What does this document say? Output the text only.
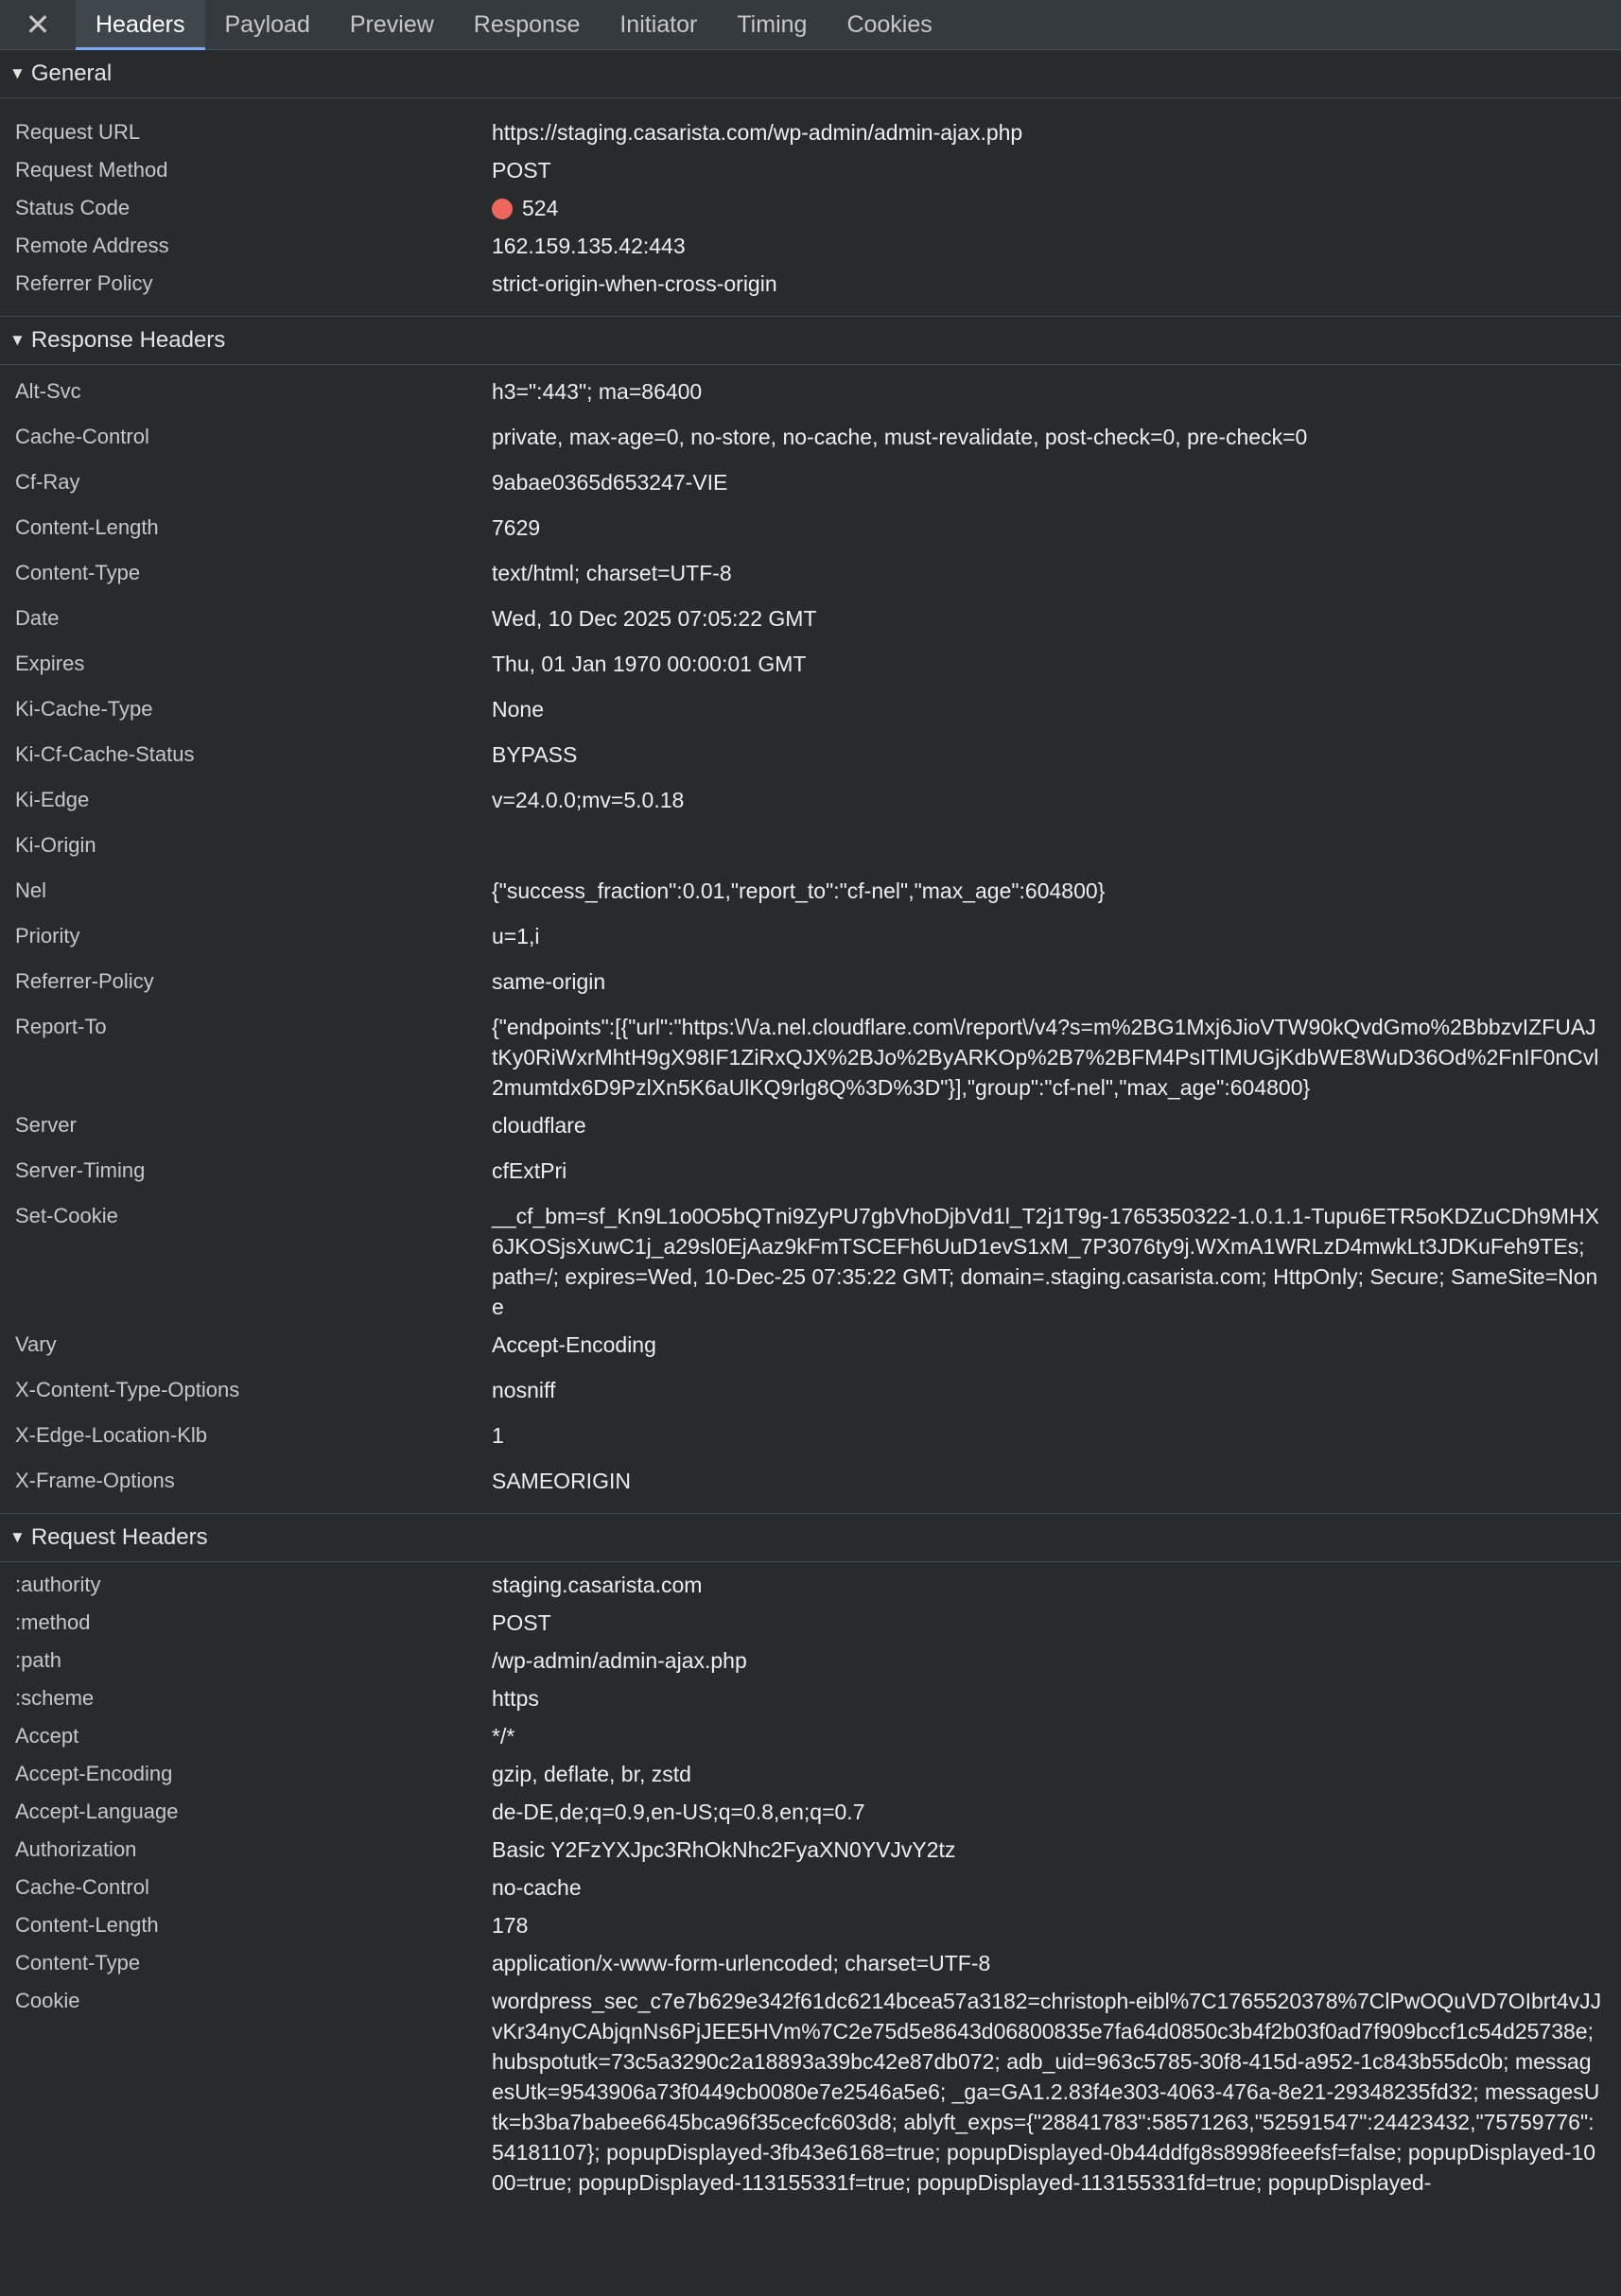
✕	Headers	Payload	Preview	Response	Initiator	Timing	Cookies
▼ General
Request URL	https://staging.casarista.com/wp-admin/admin-ajax.php
Request Method	POST
Status Code	524
Remote Address	162.159.135.42:443
Referrer Policy	strict-origin-when-cross-origin
▼ Response Headers
Alt-Svc	h3=":443"; ma=86400
Cache-Control	private, max-age=0, no-store, no-cache, must-revalidate, post-check=0, pre-check=0
Cf-Ray	9abae0365d653247-VIE
Content-Length	7629
Content-Type	text/html; charset=UTF-8
Date	Wed, 10 Dec 2025 07:05:22 GMT
Expires	Thu, 01 Jan 1970 00:00:01 GMT
Ki-Cache-Type	None
Ki-Cf-Cache-Status	BYPASS
Ki-Edge	v=24.0.0;mv=5.0.18
Ki-Origin
Nel	{"success_fraction":0.01,"report_to":"cf-nel","max_age":604800}
Priority	u=1,i
Referrer-Policy	same-origin
Report-To	{"endpoints":[{"url":"https:\/\/a.nel.cloudflare.com\/report\/v4?s=m%2BG1Mxj6JioVTW90kQvdGmo%2BbbzvIZFUAJtKy0RiWxrMhtH9gX98IF1ZiRxQJX%2BJo%2ByARKOp%2B7%2BFM4PsITlMUGjKdbWE8WuD36Od%2FnIF0nCvl2mumtdx6D9PzlXn5K6aUlKQ9rlg8Q%3D%3D"}],"group":"cf-nel","max_age":604800}
Server	cloudflare
Server-Timing	cfExtPri
Set-Cookie	__cf_bm=sf_Kn9L1o0O5bQTni9ZyPU7gbVhoDjbVd1l_T2j1T9g-1765350322-1.0.1.1-Tupu6ETR5oKDZuCDh9MHX6JKOSjsXuwC1j_a29sl0EjAaz9kFmTSCEFh6UuD1evS1xM_7P3076ty9j.WXmA1WRLzD4mwkLt3JDKuFeh9TEs; path=/; expires=Wed, 10-Dec-25 07:35:22 GMT; domain=.staging.casarista.com; HttpOnly; Secure; SameSite=None
Vary	Accept-Encoding
X-Content-Type-Options	nosniff
X-Edge-Location-Klb	1
X-Frame-Options	SAMEORIGIN
▼ Request Headers
:authority	staging.casarista.com
:method	POST
:path	/wp-admin/admin-ajax.php
:scheme	https
Accept	*/*
Accept-Encoding	gzip, deflate, br, zstd
Accept-Language	de-DE,de;q=0.9,en-US;q=0.8,en;q=0.7
Authorization	Basic Y2FzYXJpc3RhOkNhc2FyaXN0YVJvY2tz
Cache-Control	no-cache
Content-Length	178
Content-Type	application/x-www-form-urlencoded; charset=UTF-8
Cookie	wordpress_sec_c7e7b629e342f61dc6214bcea57a3182=christoph-eibl%7C1765520378%7ClPwOQuVD7OIbrt4vJJvKr34nyCAbjqnNs6PjJEE5HVm%7C2e75d5e8643d06800835e7fa64d0850c3b4f2b03f0ad7f909bccf1c54d25738e; hubspotutk=73c5a3290c2a18893a39bc42e87db072; adb_uid=963c5785-30f8-415d-a952-1c843b55dc0b; messagesUtk=9543906a73f0449cb0080e7e2546a5e6; _ga=GA1.2.83f4e303-4063-476a-8e21-29348235fd32; messagesUtk=b3ba7babee6645bca96f35cecfc603d8; ablyft_exps={"28841783":58571263,"52591547":24423432,"75759776":54181107}; popupDisplayed-3fb43e6168=true; popupDisplayed-0b44ddfg8s8998feeefsf=false; popupDisplayed-1000=true; popupDisplayed-113155331f=true; popupDisplayed-113155331fd=true; popupDisplayed-
